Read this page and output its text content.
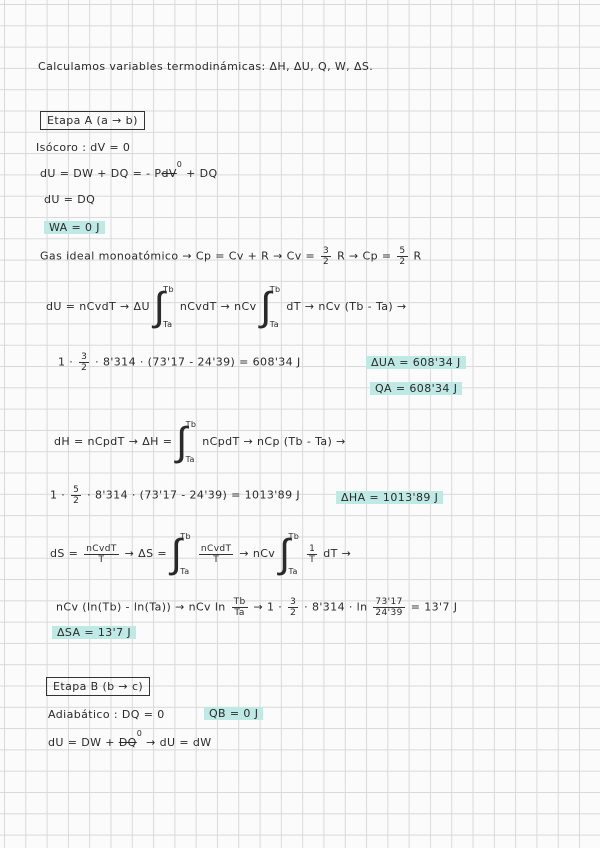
Calculamos variables termodinámicas: ΔH, ΔU, Q, W, ΔS.
Etapa A (a → b)
Isócoro : dV = 0
dU = DW + DQ = - PdV$^0$ + DQ
dU = DQ
WA = 0 J
Gas ideal monoatómico → $Cp = Cv + R \to Cv = \frac{3}{2}$ $R \to Cp = \frac{5}{2}$ R
dU = nCvdT → ΔU ∫
Tb
Ta
nCvdT → nCv ∫
Tb
Ta
dT → nCv (Tb - Ta) →
$1 \cdot \frac{3}{2} \cdot 8'314 \cdot (73'17 - 24'39) = 608'34$ J	ΔUA = 608'34 J
QA = 608'34 J
dH = nCpdT → ΔH = ∫
Tb
Ta
nCpdT → nCp (Tb - Ta) →
$1 \cdot \frac{5}{2} \cdot 8'314 \cdot (73'17 - 24'39) = 1013'89$ J	ΔHA = 1013'89 J
dS = $\frac{\text{nCvdT}}{T} \to \Delta S$ = ∫
Tb
Ta

$\frac{\text{nCvdT}}{T}$ → nCv ∫
Tb
Ta

$\frac{1}{T}$ dT →
nCv (ln(Tb) - ln(Ta)) → nCv $\ln \frac{Tb}{Ta} \to 1 \cdot \frac{3}{2} \cdot 8'314 \cdot \ln \frac{73'17}{24'39} = 13'7$ J
ΔSA = 13'7 J
Etapa B (b → c)
Adiabático : DQ = 0	QB = 0 J
dU = DW + $DQ^0$ → dU = dW
